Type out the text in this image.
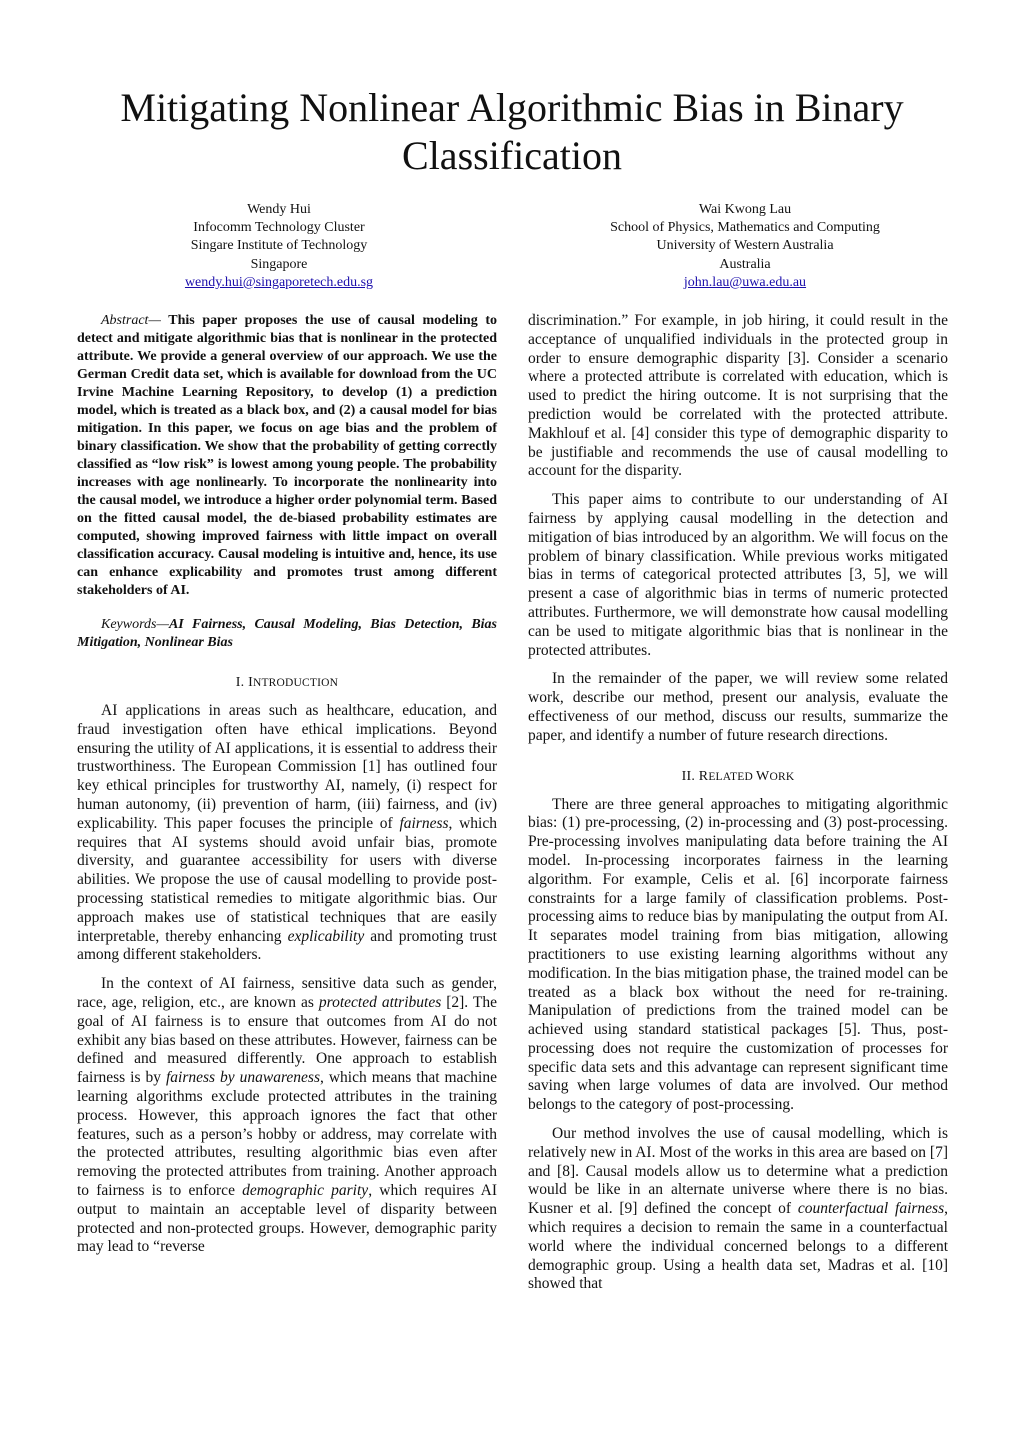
Mitigating Nonlinear Algorithmic Bias in Binary Classification
Wendy Hui
Infocomm Technology Cluster
Singare Institute of Technology
Singapore
wendy.hui@singaporetech.edu.sg
Wai Kwong Lau
School of Physics, Mathematics and Computing
University of Western Australia
Australia
john.lau@uwa.edu.au

Abstract— This paper proposes the use of causal modeling to detect and mitigate algorithmic bias that is nonlinear in the protected attribute. We provide a general overview of our approach. We use the German Credit data set, which is available for download from the UC Irvine Machine Learning Repository, to develop (1) a prediction model, which is treated as a black box, and (2) a causal model for bias mitigation. In this paper, we focus on age bias and the problem of binary classification. We show that the probability of getting correctly classified as “low risk” is lowest among young people. The probability increases with age nonlinearly. To incorporate the nonlinearity into the causal model, we introduce a higher order polynomial term. Based on the fitted causal model, the de-biased probability estimates are computed, showing improved fairness with little impact on overall classification accuracy. Causal modeling is intuitive and, hence, its use can enhance explicability and promotes trust among different stakeholders of AI.

Keywords—AI Fairness, Causal Modeling, Bias Detection, Bias Mitigation, Nonlinear Bias

I. INTRODUCTION

AI applications in areas such as healthcare, education, and fraud investigation often have ethical implications. Beyond ensuring the utility of AI applications, it is essential to address their trustworthiness. The European Commission [1] has outlined four key ethical principles for trustworthy AI, namely, (i) respect for human autonomy, (ii) prevention of harm, (iii) fairness, and (iv) explicability. This paper focuses the principle of fairness, which requires that AI systems should avoid unfair bias, promote diversity, and guarantee accessibility for users with diverse abilities. We propose the use of causal modelling to provide post-processing statistical remedies to mitigate algorithmic bias. Our approach makes use of statistical techniques that are easily interpretable, thereby enhancing explicability and promoting trust among different stakeholders.

In the context of AI fairness, sensitive data such as gender, race, age, religion, etc., are known as protected attributes [2]. The goal of AI fairness is to ensure that outcomes from AI do not exhibit any bias based on these attributes. However, fairness can be defined and measured differently. One approach to establish fairness is by fairness by unawareness, which means that machine learning algorithms exclude protected attributes in the training process. However, this approach ignores the fact that other features, such as a person’s hobby or address, may correlate with the protected attributes, resulting algorithmic bias even after removing the protected attributes from training. Another approach to fairness is to enforce demographic parity, which requires AI output to maintain an acceptable level of disparity between protected and non-protected groups. However, demographic parity may lead to “reverse

discrimination.” For example, in job hiring, it could result in the acceptance of unqualified individuals in the protected group in order to ensure demographic disparity [3]. Consider a scenario where a protected attribute is correlated with education, which is used to predict the hiring outcome. It is not surprising that the prediction would be correlated with the protected attribute. Makhlouf et al. [4] consider this type of demographic disparity to be justifiable and recommends the use of causal modelling to account for the disparity.

This paper aims to contribute to our understanding of AI fairness by applying causal modelling in the detection and mitigation of bias introduced by an algorithm. We will focus on the problem of binary classification. While previous works mitigated bias in terms of categorical protected attributes [3, 5], we will present a case of algorithmic bias in terms of numeric protected attributes. Furthermore, we will demonstrate how causal modelling can be used to mitigate algorithmic bias that is nonlinear in the protected attributes.

In the remainder of the paper, we will review some related work, describe our method, present our analysis, evaluate the effectiveness of our method, discuss our results, summarize the paper, and identify a number of future research directions.

II. RELATED WORK

There are three general approaches to mitigating algorithmic bias: (1) pre-processing, (2) in-processing and (3) post-processing. Pre-processing involves manipulating data before training the AI model. In-processing incorporates fairness in the learning algorithm. For example, Celis et al. [6] incorporate fairness constraints for a large family of classification problems. Post-processing aims to reduce bias by manipulating the output from AI. It separates model training from bias mitigation, allowing practitioners to use existing learning algorithms without any modification. In the bias mitigation phase, the trained model can be treated as a black box without the need for re-training. Manipulation of predictions from the trained model can be achieved using standard statistical packages [5]. Thus, post-processing does not require the customization of processes for specific data sets and this advantage can represent significant time saving when large volumes of data are involved. Our method belongs to the category of post-processing.

Our method involves the use of causal modelling, which is relatively new in AI. Most of the works in this area are based on [7] and [8]. Causal models allow us to determine what a prediction would be like in an alternate universe where there is no bias. Kusner et al. [9] defined the concept of counterfactual fairness, which requires a decision to remain the same in a counterfactual world where the individual concerned belongs to a different demographic group. Using a health data set, Madras et al. [10] showed that
